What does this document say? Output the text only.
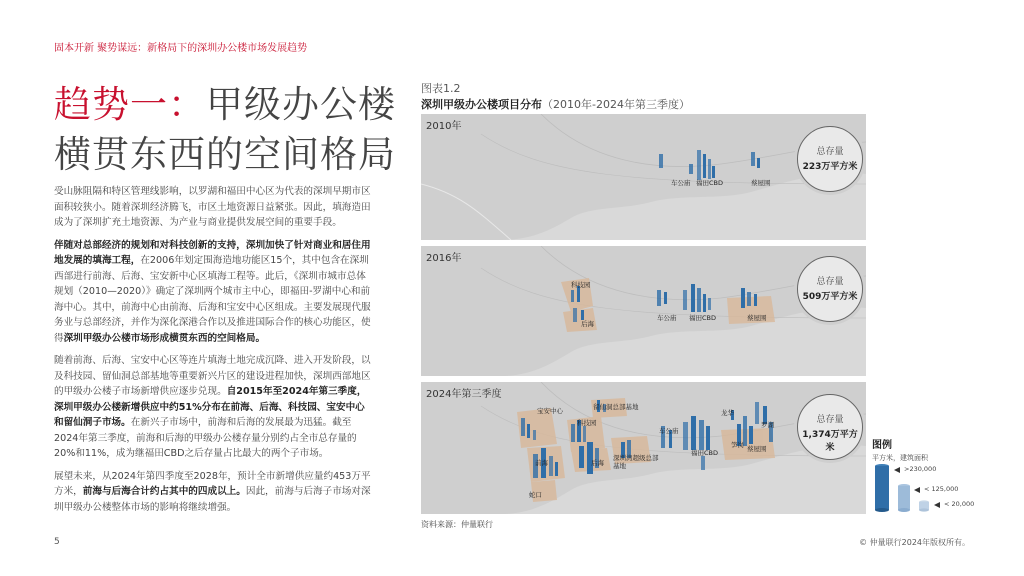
固本开新 聚势谋远：新格局下的深圳办公楼市场发展趋势
趋势一：甲级办公楼
横贯东西的空间格局

受山脉阻隔和特区管理线影响，以罗湖和福田中心区为代表的深圳早期市区面积较狭小。随着深圳经济腾飞，市区土地资源日益紧张。因此，填海造田成为了深圳扩充土地资源、为产业与商业提供发展空间的重要手段。

伴随对总部经济的规划和对科技创新的支持，深圳加快了针对商业和居住用地发展的填海工程，在2006年划定围海造地功能区15个，其中包含在深圳西部进行前海、后海、宝安新中心区填海工程等。此后，《深圳市城市总体规划（2010—2020）》确定了深圳两个城市主中心，即福田-罗湖中心和前海中心。其中，前海中心由前海、后海和宝安中心区组成。主要发展现代服务业与总部经济，并作为深化深港合作以及推进国际合作的核心功能区，使得深圳甲级办公楼市场形成横贯东西的空间格局。

随着前海、后海、宝安中心区等连片填海土地完成沉降、进入开发阶段，以及科技园、留仙洞总部基地等重要新兴片区的建设进程加快，深圳西部地区的甲级办公楼子市场新增供应逐步兑现。自2015年至2024年第三季度，深圳甲级办公楼新增供应中约51%分布在前海、后海、科技园、宝安中心和留仙洞子市场。在新兴子市场中，前海和后海的发展最为迅猛。截至2024年第三季度，前海和后海的甲级办公楼存量分别约占全市总存量的20%和11%，成为继福田CBD之后存量占比最大的两个子市场。

展望未来，从2024年第四季度至2028年，预计全市新增供应量约453万平方米，前海与后海合计约占其中的四成以上。因此，前海与后海子市场对深圳甲级办公楼整体市场的影响将继续增强。

图表1.2
深圳甲级办公楼项目分布（2010年-2024年第三季度）
2010年
车公庙 福田CBD	蔡屋围
总存量
223万平方米
2016年
科技园
后海
车公庙 福田CBD	蔡屋围
总存量
509万平方米
2024年第三季度
宝安中心	留仙洞总部基地
科技园
后海
前海
深圳湾超级总部基地
车公庙
福田CBD	蔡屋围
罗湖
龙华
笋岗
蛇口
总存量
1,374万平方米
资料来源：仲量联行
图例
平方米，建筑面积
>230,000
< 125,000
< 20,000
5	© 仲量联行2024年版权所有。
